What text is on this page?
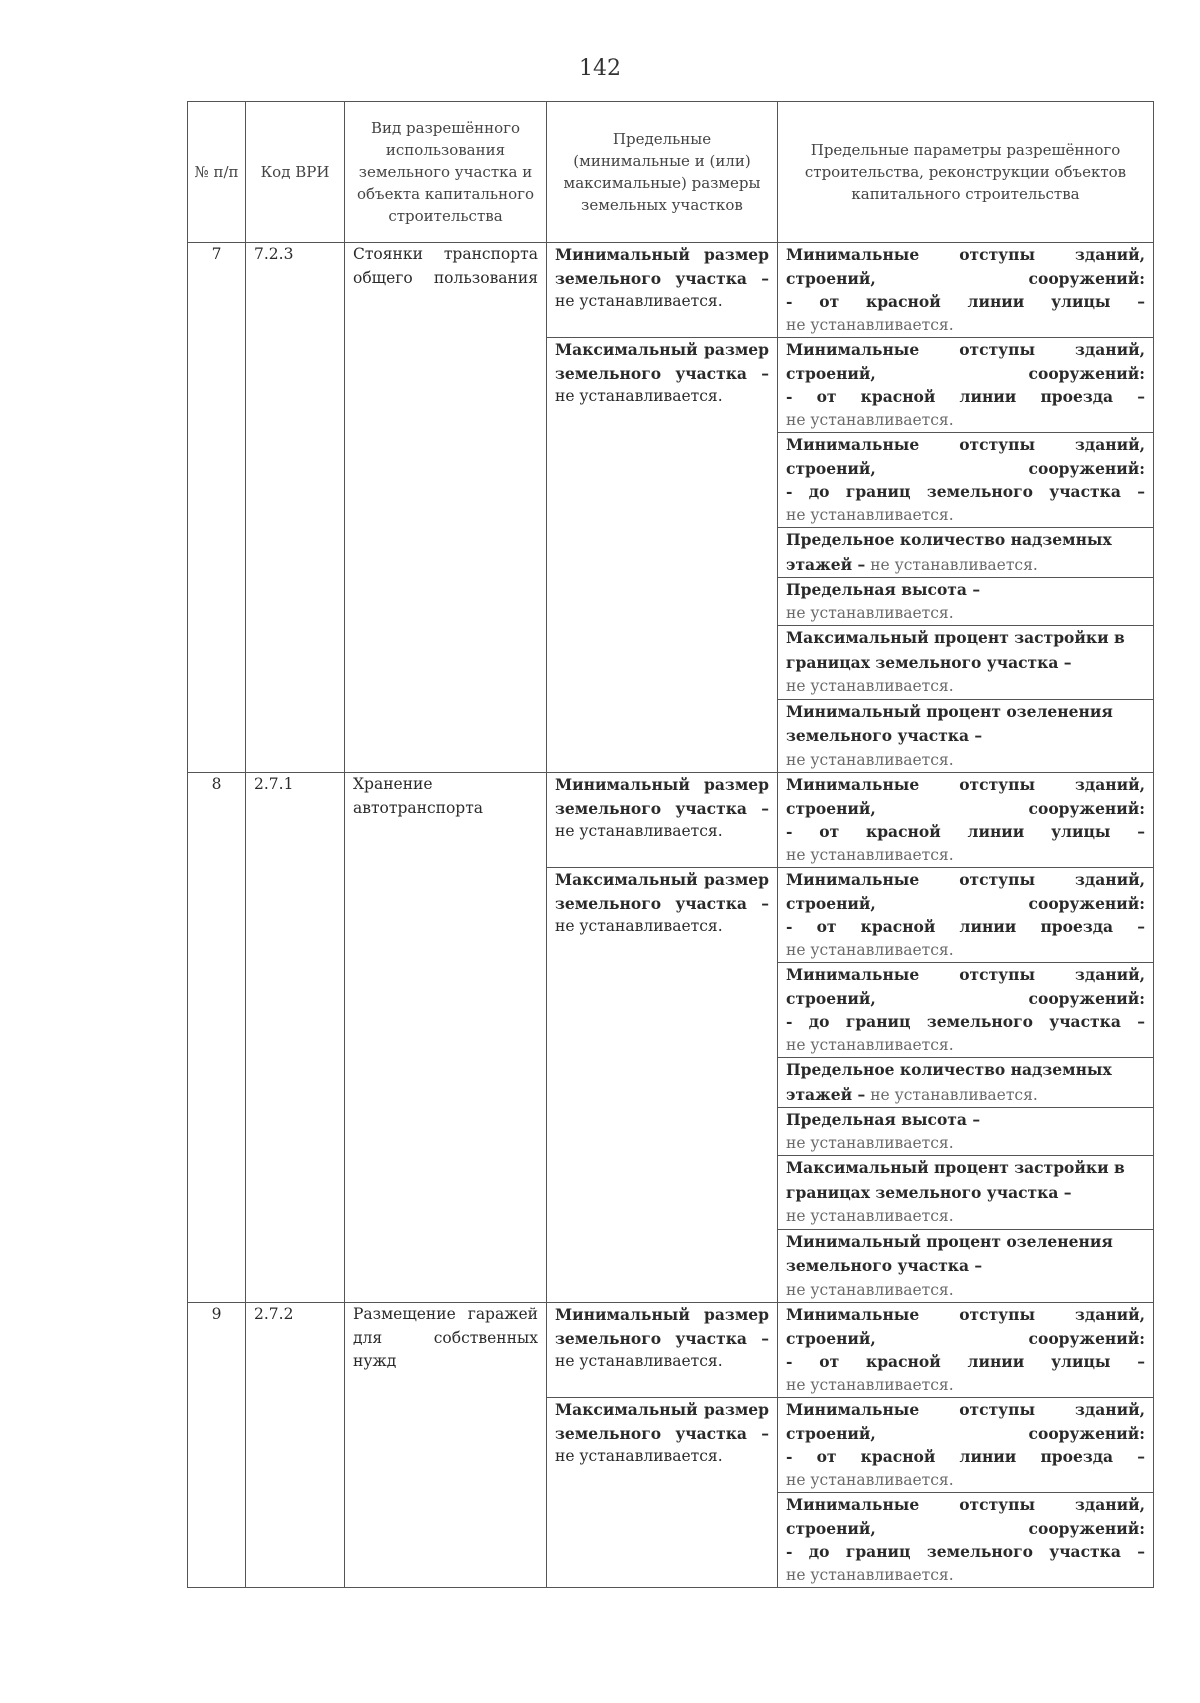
142
№ п/п	Код ВРИ	Вид разрешённого использования земельного участка и объекта капитального строительства	Предельные (минимальные и (или) максимальные) размеры земельных участков	Предельные параметры разрешённого строительства, реконструкции объектов капитального строительства
7	7.2.3	Стоянки транспорта общего пользования	Минимальный размер земельного участка –
не устанавливается.	Минимальные отступы зданий, строений, сооружений:
- от красной линии улицы –
не устанавливается.

			Максимальный размер земельного участка –
не устанавливается.	Минимальные отступы зданий, строений, сооружений:
- от красной линии проезда –
не устанавливается.

				Минимальные отступы зданий, строений, сооружений:
- до границ земельного участка –
не устанавливается.

				Предельное количество надземных этажей – не устанавливается.

				Предельная высота –
не устанавливается.

				Максимальный процент застройки в границах земельного участка –
не устанавливается.

				Минимальный процент озеленения земельного участка –
не устанавливается.

8	2.7.1	Хранение автотранспорта	Минимальный размер земельного участка –
не устанавливается.	Минимальные отступы зданий, строений, сооружений:
- от красной линии улицы –
не устанавливается.

			Максимальный размер земельного участка –
не устанавливается.	Минимальные отступы зданий, строений, сооружений:
- от красной линии проезда –
не устанавливается.

				Минимальные отступы зданий, строений, сооружений:
- до границ земельного участка –
не устанавливается.

				Предельное количество надземных этажей – не устанавливается.

				Предельная высота –
не устанавливается.

				Максимальный процент застройки в границах земельного участка –
не устанавливается.

				Минимальный процент озеленения земельного участка –
не устанавливается.

9	2.7.2	Размещение гаражей для собственных нужд	Минимальный размер земельного участка –
не устанавливается.	Минимальные отступы зданий, строений, сооружений:
- от красной линии улицы –
не устанавливается.

			Максимальный размер земельного участка –
не устанавливается.	Минимальные отступы зданий, строений, сооружений:
- от красной линии проезда –
не устанавливается.

				Минимальные отступы зданий, строений, сооружений:
- до границ земельного участка –
не устанавливается.
